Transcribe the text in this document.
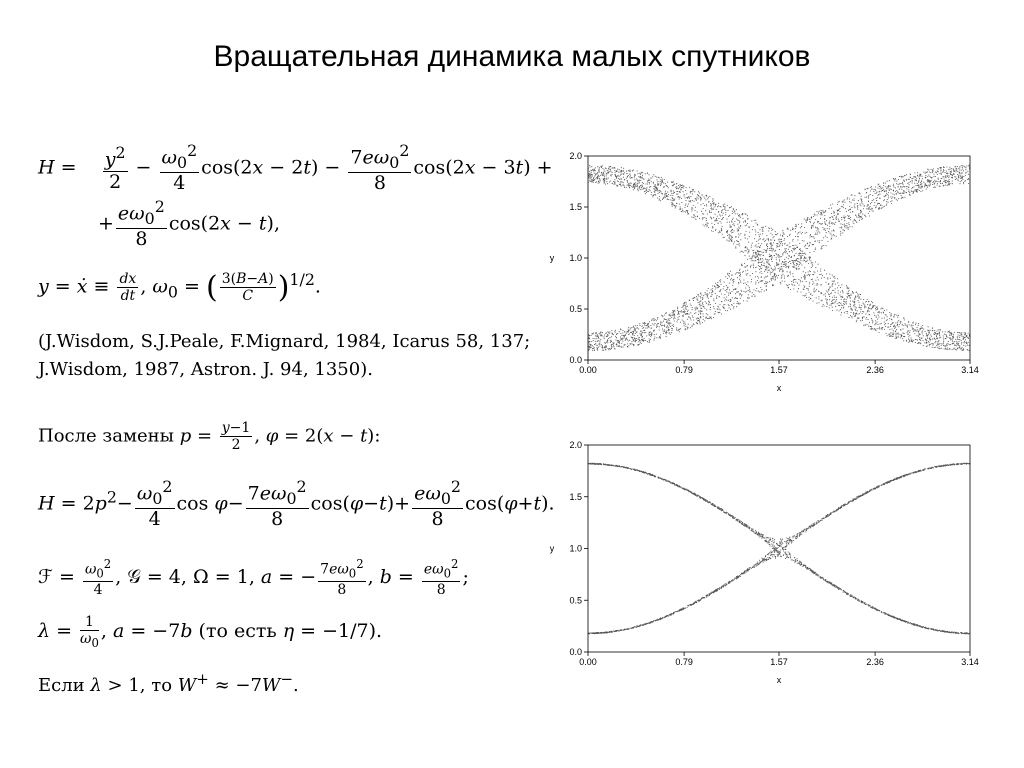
Вращательная динамика малых спутников
$H = \frac{y^2}{2} - \frac{\omega_0^2}{4} \cos(2x - 2t) - \frac{7e\omega_0^2}{8} \cos(2x - 3t)$ +
+ $\frac{e\omega_0^2}{8} \cos(2x - t)$,
y = ẋ ≡ $\frac{dx}{dt}$ , $\omega_0$ = ( $\frac{3(B-A)}{C} )^{1/2}$.
(J.Wisdom, S.J.Peale, F.Mignard, 1984, Icarus 58, 137;
J.Wisdom, 1987, Astron. J. 94, 1350).
После замены $p = \frac{y-1}{2}$ , φ = 2(x − t):
$H = 2p^2- \frac{\omega_0^2}{4}$ $\cos \varphi- \frac{7e\omega_0^2}{8} \cos(\varphi-t)+ \frac{e\omega_0^2}{8} \cos(\varphi+t)$.
ℱ = $\frac{\omega_0^2}{4}$ , 𝒢 = 4, Ω = 1, a = − $\frac{7e\omega_0^2}{8}$ , $b = \frac{e\omega_0^2}{8}$ ;
$\lambda = \frac{1}{\omega_0}$ , a = −7b (то есть η = −1/7).
Если λ > 1, то W+ ≈ −7W−.
0.00	0.79	1.57	2.36	3.14
0.0
0.5
1.0
1.5
2.0
x
y
0.00	0.79	1.57	2.36	3.14
0.0
0.5
1.0
1.5
2.0
x
y
